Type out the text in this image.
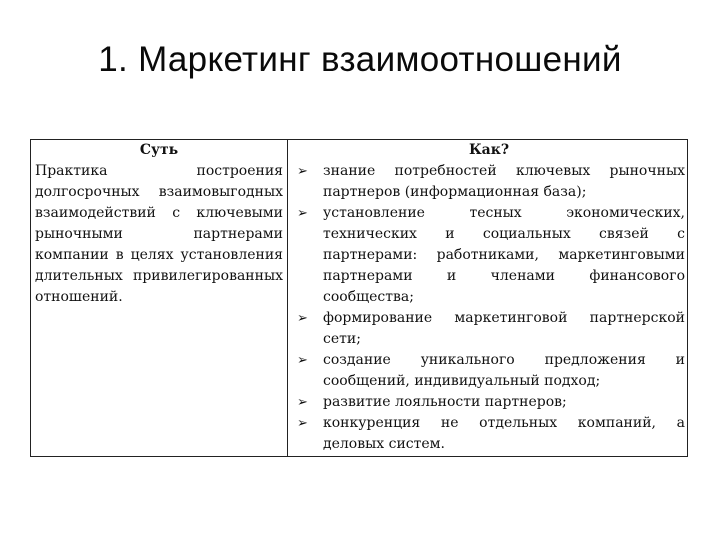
1. Маркетинг взаимоотношений
Суть
Практика построения долгосрочных взаимовыгодных взаимодействий с ключевыми рыночными партнерами компании в целях установления длительных привилегированных отношений.
Как?
➢ знание потребностей ключевых рыночных партнеров (информационная база);
➢ установление тесных экономических, технических и социальных связей с партнерами: работниками, маркетинговыми партнерами и членами финансового сообщества;
➢ формирование маркетинговой партнерской сети;
➢ создание уникального предложения и сообщений, индивидуальный подход;
➢ развитие лояльности партнеров;
➢ конкуренция не отдельных компаний, а деловых систем.
